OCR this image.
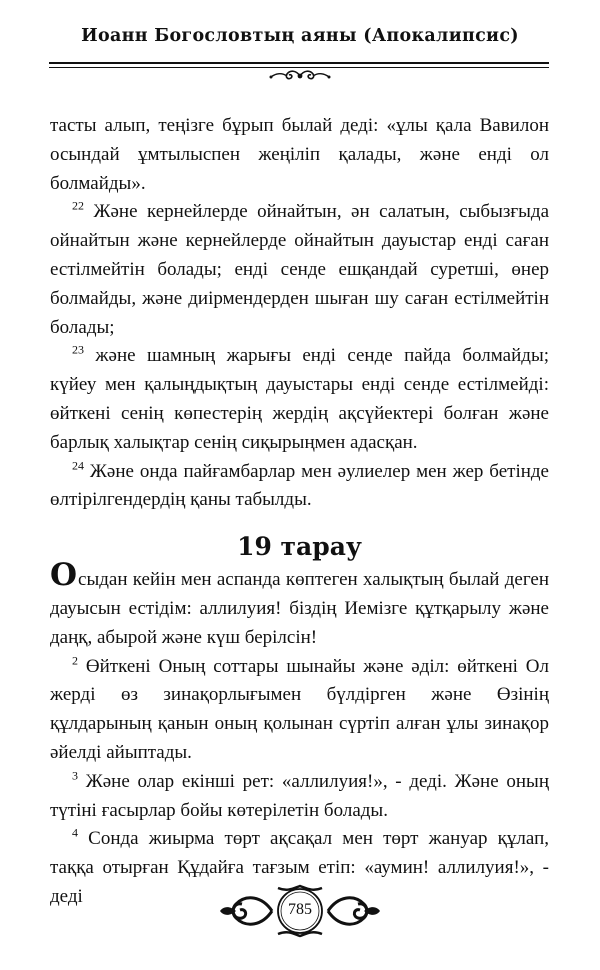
Иоанн Богословтың аяны (Апокалипсис)

тасты алып, теңізге бұрып былай деді: «ұлы қала Вавилон осындай ұмтылыспен жеңіліп қалады, және енді ол болмайды».

$^{22}$ Және кернейлерде ойнайтын, ән салатын, сыбызғыда ойнайтын және кернейлерде ойнайтын дауыстар енді саған естілмейтін болады; енді сенде ешқандай суретші, өнер болмайды, және диірмендерден шыған шу саған естілмейтін болады;

$^{23}$ және шамның жарығы енді сенде пайда болмайды; күйеу мен қалыңдықтың дауыстары енді сенде естілмейді: өйткені сенің көпестерің жердің ақсүйектері болған және барлық халықтар сенің сиқырыңмен адасқан.

$^{24}$ Және онда пайғамбарлар мен әулиелер мен жер бетінде өлтірілгендердің қаны табылды.

19 тарау

Осыдан кейін мен аспанда көптеген халықтың былай деген дауысын естідім: аллилуия! біздің Иемізге құтқарылу және даңқ, абырой және күш берілсін!

$^2$ Өйткені Оның соттары шынайы және әділ: өйткені Ол жерді өз зинақорлығымен бүлдірген және Өзінің құлдарының қанын оның қолынан сүртіп алған ұлы зинақор әйелді айыптады.

$^3$ Және олар екінші рет: «аллилуия!», - деді. Және оның түтіні ғасырлар бойы көтерілетін болады.

$^4$ Сонда жиырма төрт ақсақал мен төрт жануар құлап, таққа отырған Құдайға тағзым етіп: «аумин! аллилуия!», - деді

785
